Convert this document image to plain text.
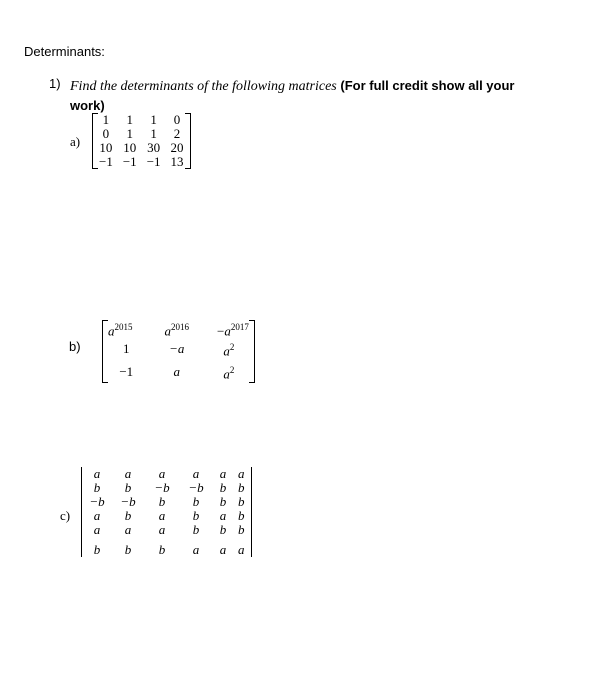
Determinants:
1) Find the determinants of the following matrices (For full credit show all your work)
a)
1	1	1	0
0	1	1	2
10	10	30	20
−1	−1	−1	13
b)
$a^{2015}$	$a^{2016}$	$-a^{2017}$
1	−a	$a^2$
−1	a	$a^2$
c)
a	a	a	a	a	a
b	b	−b	−b	b	b
−b	−b	b	b	b	b
a	b	a	b	a	b
a	a	a	b	b	b
b	b	b	a	a	a
